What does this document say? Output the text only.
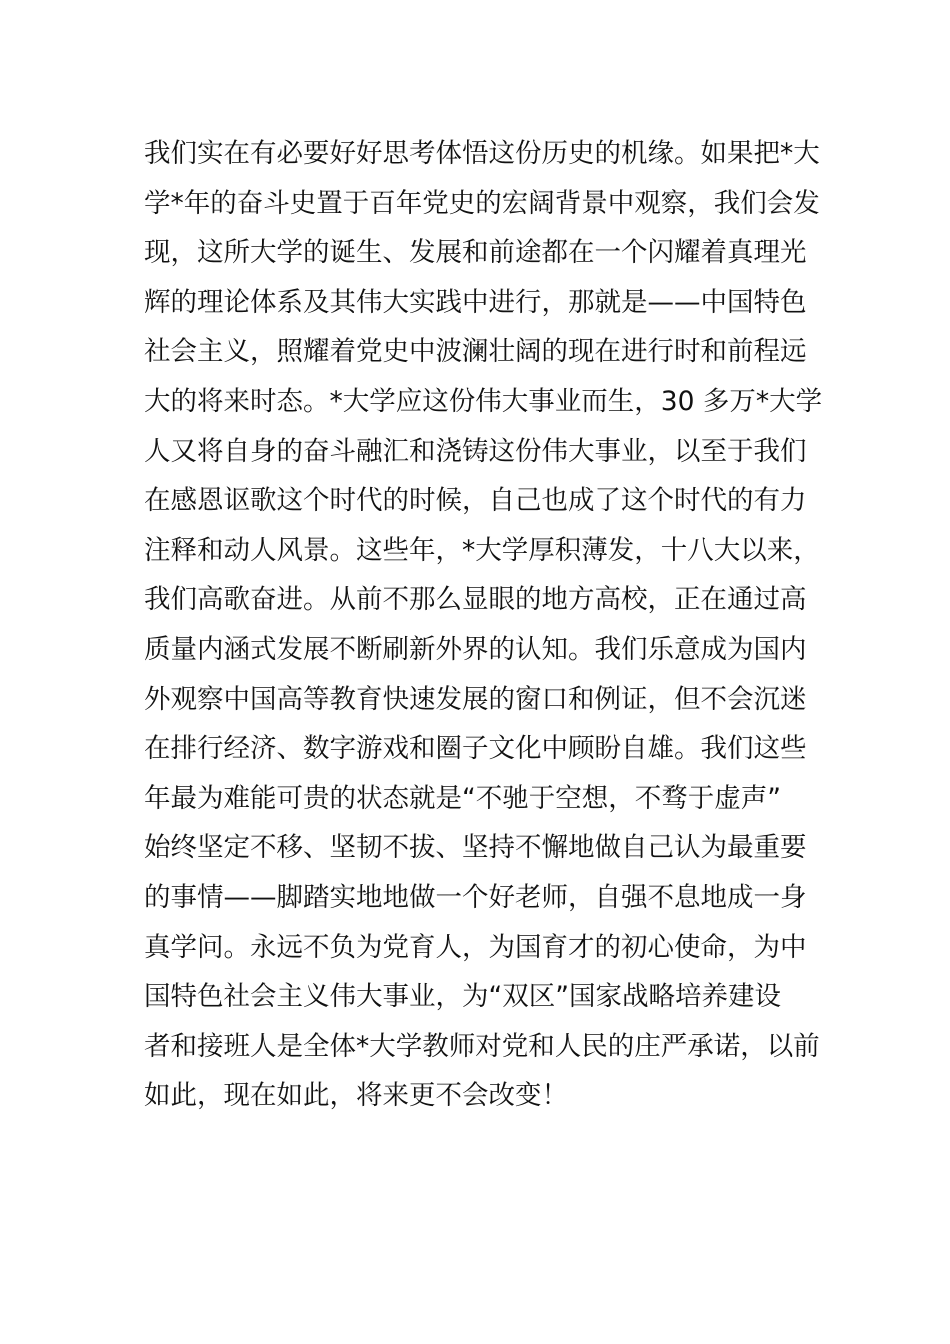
我们实在有必要好好思考体悟这份历史的机缘。如果把*大
学*年的奋斗史置于百年党史的宏阔背景中观察，我们会发
现，这所大学的诞生、发展和前途都在一个闪耀着真理光
辉的理论体系及其伟大实践中进行，那就是——中国特色
社会主义，照耀着党史中波澜壮阔的现在进行时和前程远
大的将来时态。*大学应这份伟大事业而生，30 多万*大学
人又将自身的奋斗融汇和浇铸这份伟大事业，以至于我们
在感恩讴歌这个时代的时候，自己也成了这个时代的有力
注释和动人风景。这些年，*大学厚积薄发，十八大以来，
我们高歌奋进。从前不那么显眼的地方高校，正在通过高
质量内涵式发展不断刷新外界的认知。我们乐意成为国内
外观察中国高等教育快速发展的窗口和例证，但不会沉迷
在排行经济、数字游戏和圈子文化中顾盼自雄。我们这些
年最为难能可贵的状态就是“不驰于空想，不骛于虚声”
始终坚定不移、坚韧不拔、坚持不懈地做自己认为最重要
的事情——脚踏实地地做一个好老师，自强不息地成一身
真学问。永远不负为党育人，为国育才的初心使命，为中
国特色社会主义伟大事业，为“双区”国家战略培养建设
者和接班人是全体*大学教师对党和人民的庄严承诺，以前
如此，现在如此，将来更不会改变！
